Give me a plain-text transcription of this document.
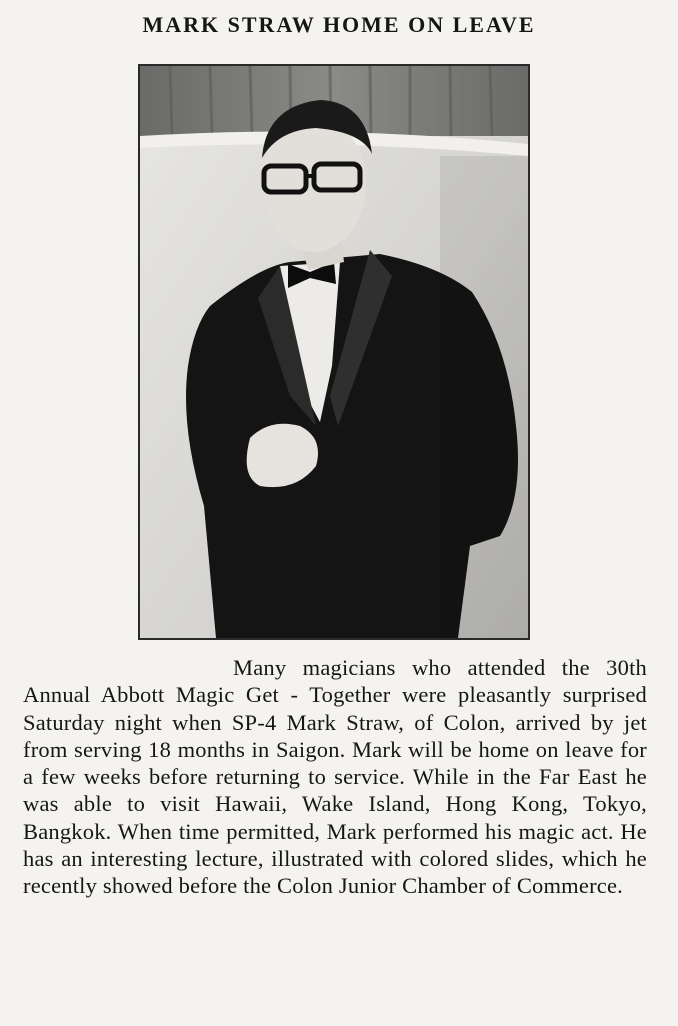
MARK STRAW HOME ON LEAVE
Many magicians who attended the 30th Annual Abbott Magic Get - Together were pleasantly surprised Saturday night when SP-4 Mark Straw, of Colon, arrived by jet from serving 18 months in Saigon. Mark will be home on leave for a few weeks before returning to service. While in the Far East he was able to visit Hawaii, Wake Island, Hong Kong, Tokyo, Bangkok. When time permitted, Mark performed his magic act. He has an interesting lecture, illustrated with colored slides, which he recently showed before the Colon Junior Chamber of Commerce.
